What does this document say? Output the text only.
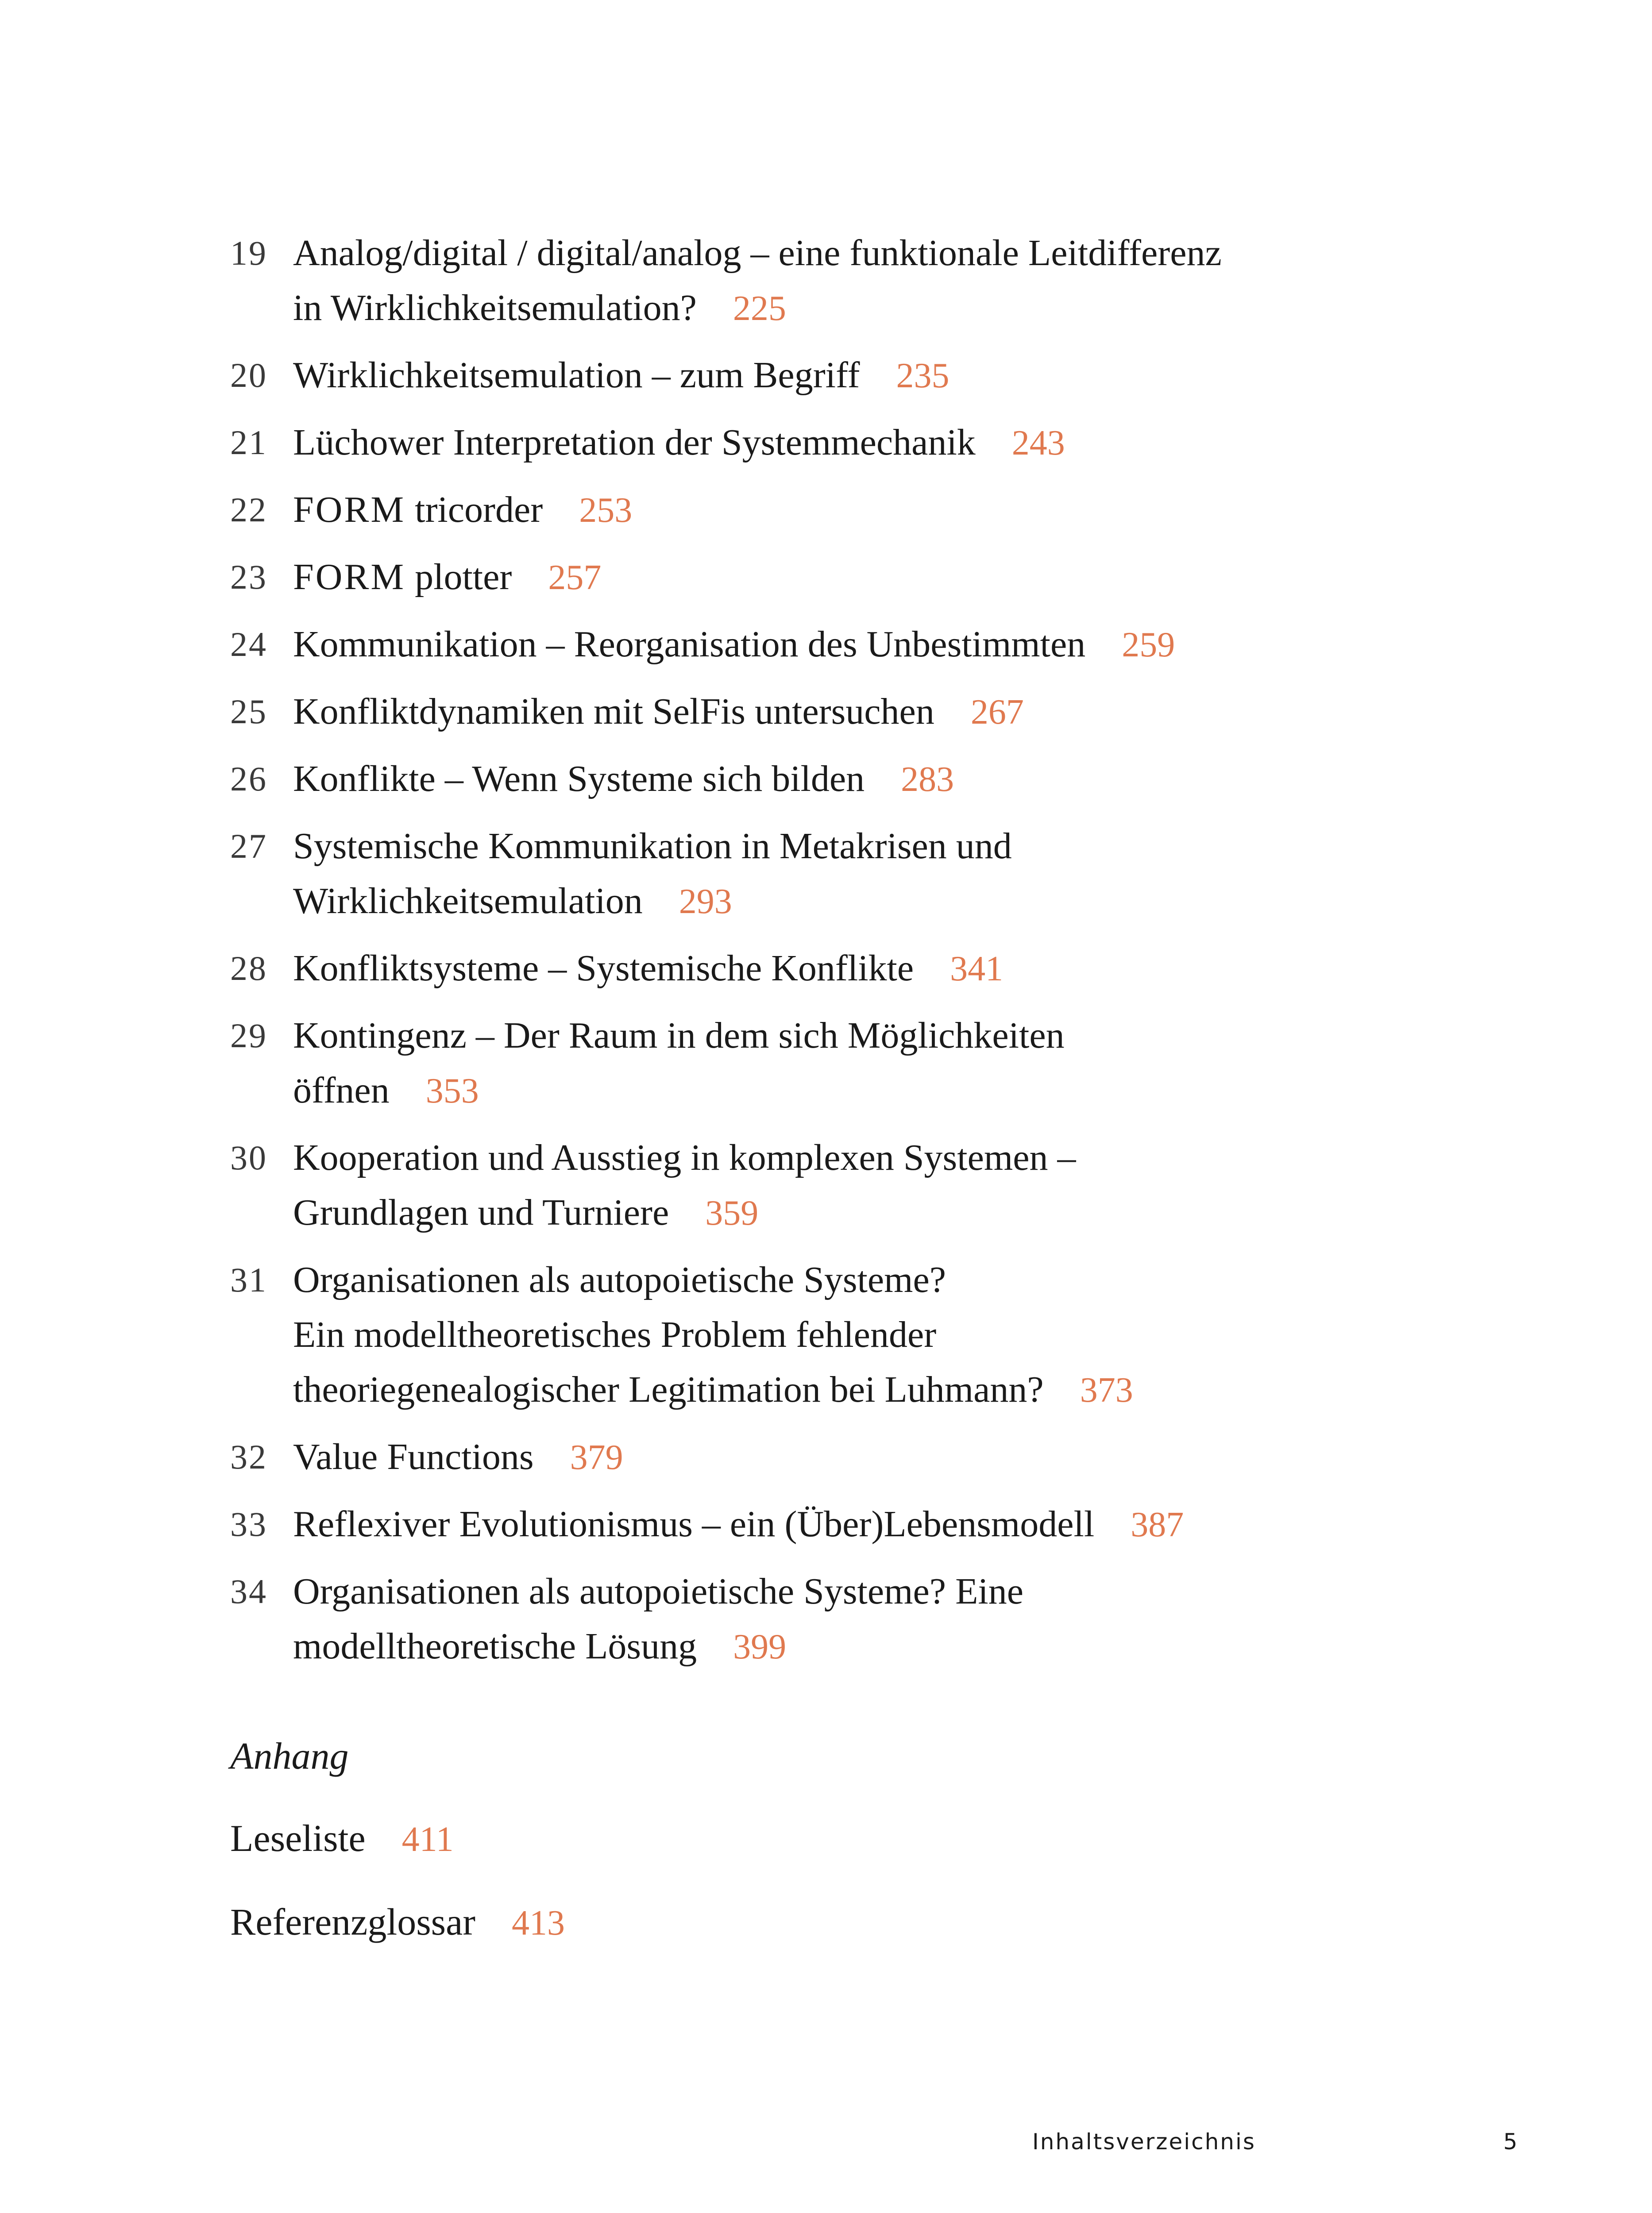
19 Analog/digital / digital/analog – eine funktionale Leitdifferenz
in Wirklichkeitsemulation? 225
20 Wirklichkeitsemulation – zum Begriff 235
21 Lüchower Interpretation der Systemmechanik 243
22 FORM tricorder 253
23 FORM plotter 257
24 Kommunikation – Reorganisation des Unbestimmten 259
25 Konfliktdynamiken mit SelFis untersuchen 267
26 Konflikte – Wenn Systeme sich bilden 283
27 Systemische Kommunikation in Metakrisen und
Wirklichkeitsemulation 293
28 Konfliktsysteme – Systemische Konflikte 341
29 Kontingenz – Der Raum in dem sich Möglichkeiten
öffnen 353
30 Kooperation und Ausstieg in komplexen Systemen –
Grundlagen und Turniere 359
31 Organisationen als autopoietische Systeme?
Ein modelltheoretisches Problem fehlender
theoriegenealogischer Legitimation bei Luhmann? 373
32 Value Functions 379
33 Reflexiver Evolutionismus – ein (Über)Lebensmodell 387
34 Organisationen als autopoietische Systeme? Eine
modelltheoretische Lösung 399
Anhang
Leseliste 411
Referenzglossar 413
Inhaltsverzeichnis	5
